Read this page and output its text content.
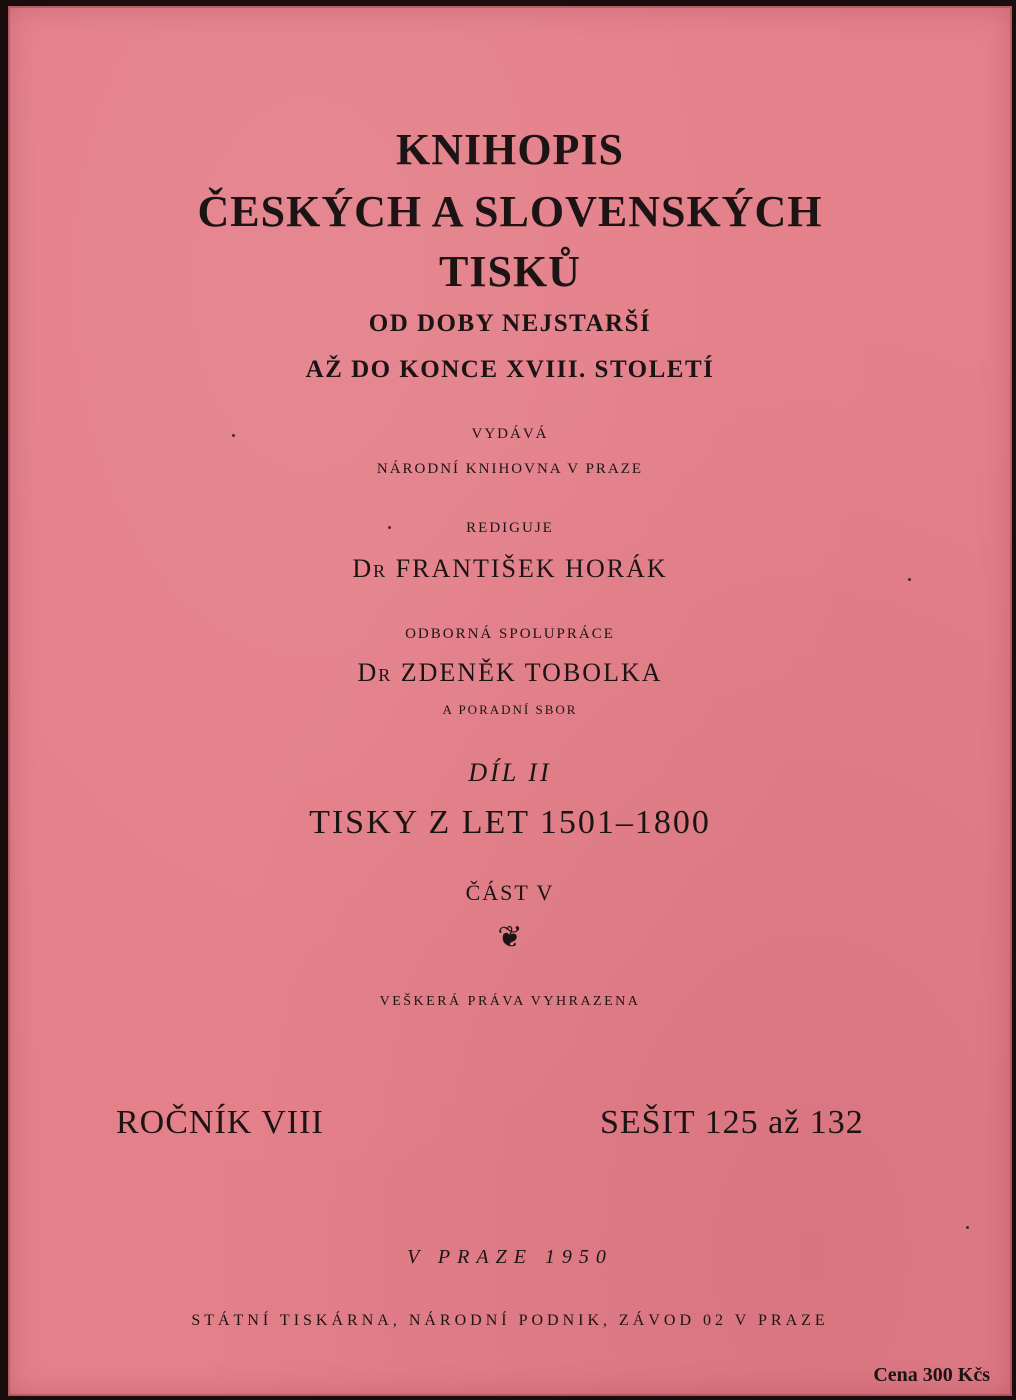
KNIHOPIS
ČESKÝCH A SLOVENSKÝCH
TISKŮ
OD DOBY NEJSTARŠÍ
AŽ DO KONCE XVIII. STOLETÍ
VYDÁVÁ
NÁRODNÍ KNIHOVNA V PRAZE
REDIGUJE
DR FRANTIŠEK HORÁK
ODBORNÁ SPOLUPRÁCE
DR ZDENĚK TOBOLKA
A PORADNÍ SBOR
DÍL II
TISKY Z LET 1501–1800
ČÁST V
❦
VEŠKERÁ PRÁVA VYHRAZENA
ROČNÍK VIII	SEŠIT 125 až 132
V PRAZE 1950
STÁTNÍ TISKÁRNA, NÁRODNÍ PODNIK, ZÁVOD 02 V PRAZE
Cena 300 Kčs
